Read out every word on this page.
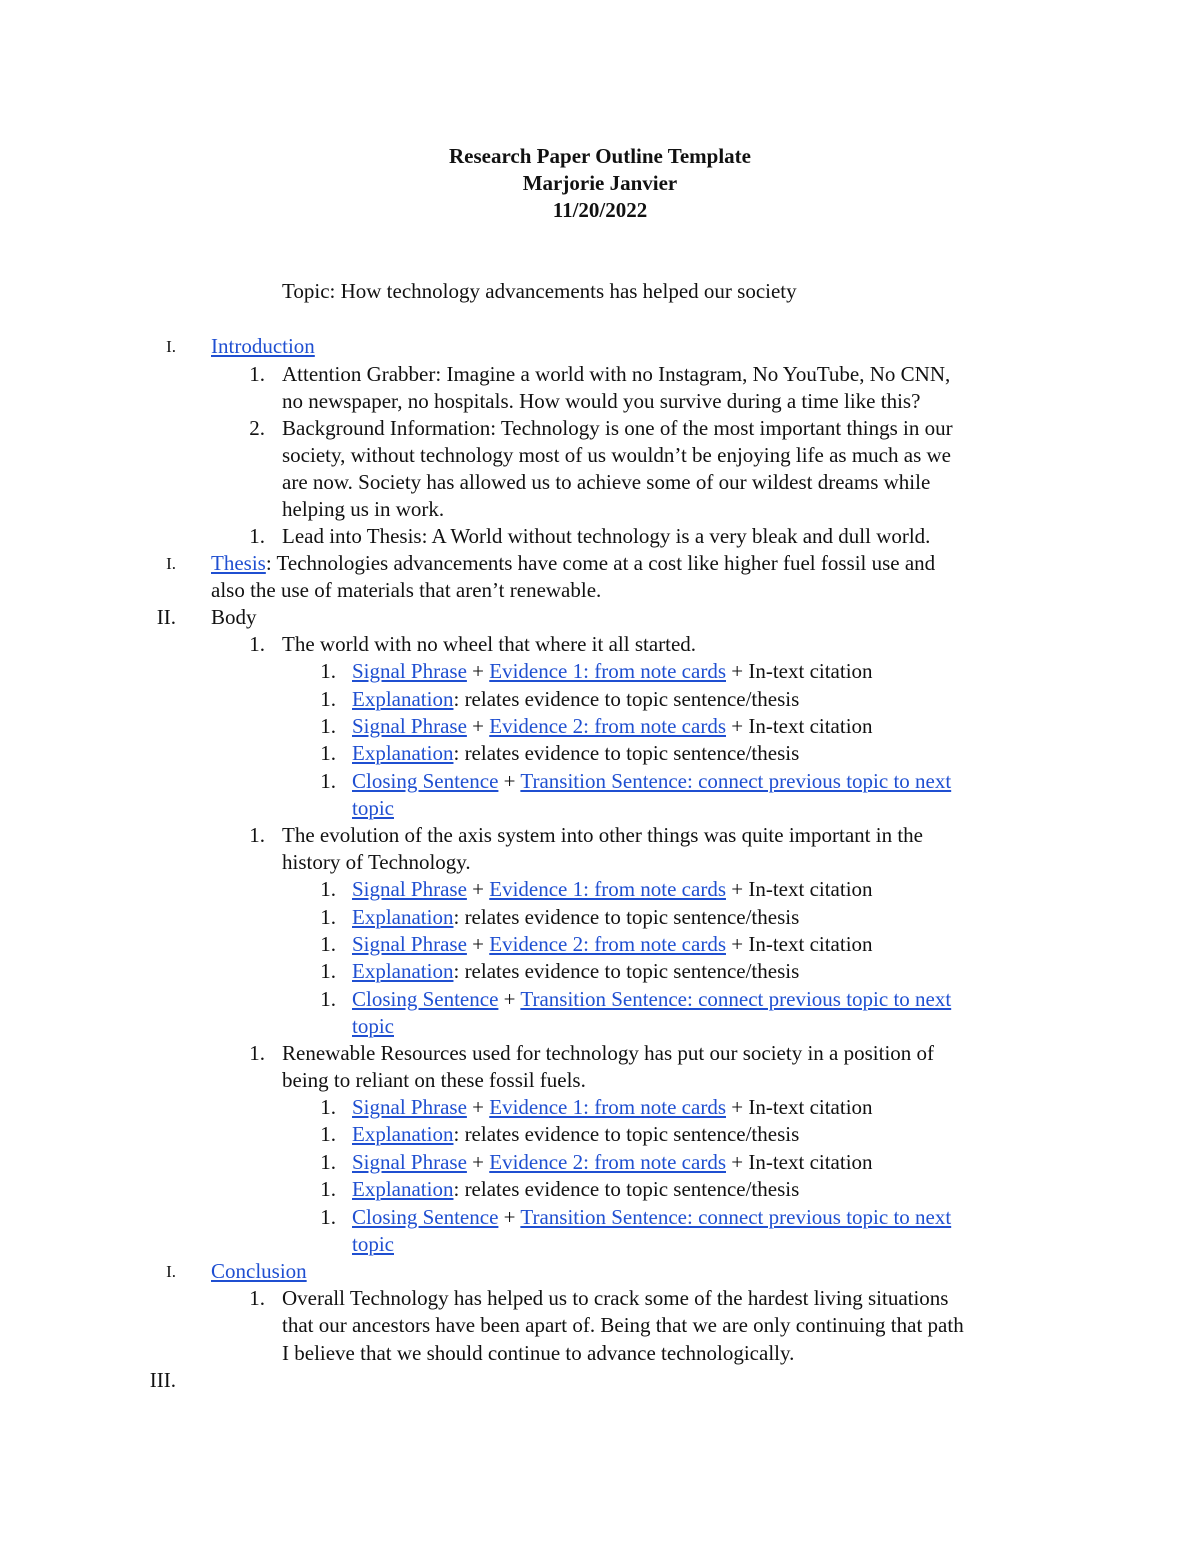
Research Paper Outline Template
Marjorie Janvier
11/20/2022
Topic: How technology advancements has helped our society
I. Introduction
1. Attention Grabber: Imagine a world with no Instagram, No YouTube, No CNN,
no newspaper, no hospitals. How would you survive during a time like this?
2. Background Information: Technology is one of the most important things in our
society, without technology most of us wouldn’t be enjoying life as much as we
are now. Society has allowed us to achieve some of our wildest dreams while
helping us in work.
1. Lead into Thesis: A World without technology is a very bleak and dull world.
I. Thesis: Technologies advancements have come at a cost like higher fuel fossil use and
also the use of materials that aren’t renewable.
II. Body
1. The world with no wheel that where it all started.
1. Signal Phrase + Evidence 1: from note cards + In-text citation
1. Explanation: relates evidence to topic sentence/thesis
1. Signal Phrase + Evidence 2: from note cards + In-text citation
1. Explanation: relates evidence to topic sentence/thesis
1. Closing Sentence + Transition Sentence: connect previous topic to next
topic
1. The evolution of the axis system into other things was quite important in the
history of Technology.
1. Signal Phrase + Evidence 1: from note cards + In-text citation
1. Explanation: relates evidence to topic sentence/thesis
1. Signal Phrase + Evidence 2: from note cards + In-text citation
1. Explanation: relates evidence to topic sentence/thesis
1. Closing Sentence + Transition Sentence: connect previous topic to next
topic
1. Renewable Resources used for technology has put our society in a position of
being to reliant on these fossil fuels.
1. Signal Phrase + Evidence 1: from note cards + In-text citation
1. Explanation: relates evidence to topic sentence/thesis
1. Signal Phrase + Evidence 2: from note cards + In-text citation
1. Explanation: relates evidence to topic sentence/thesis
1. Closing Sentence + Transition Sentence: connect previous topic to next
topic
I. Conclusion
1. Overall Technology has helped us to crack some of the hardest living situations
that our ancestors have been apart of. Being that we are only continuing that path
I believe that we should continue to advance technologically.
III.
